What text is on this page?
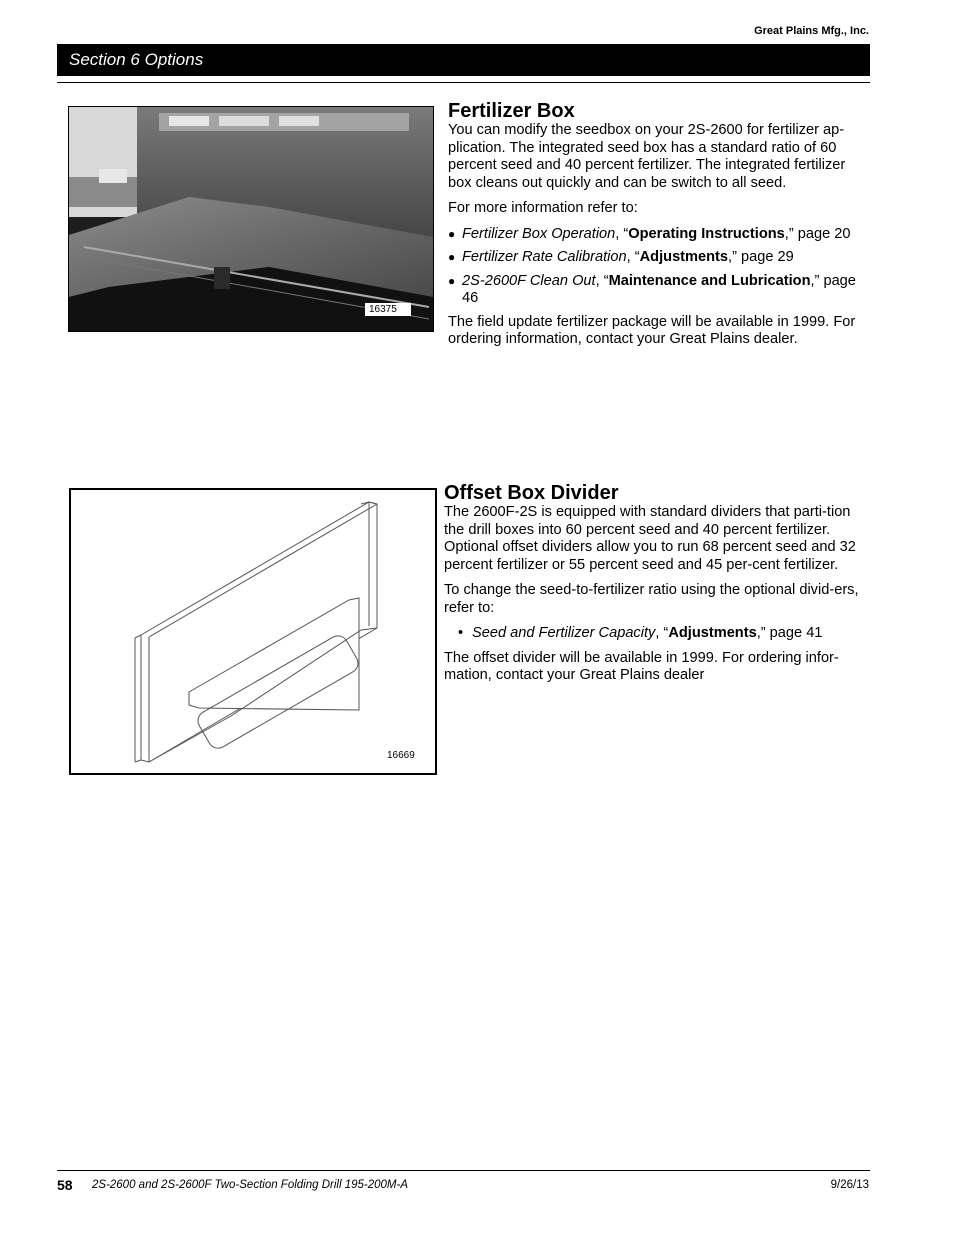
Great Plains Mfg., Inc.
Section 6 Options
16375
Fertilizer Box

You can modify the seedbox on your 2S-2600 for fertilizer ap-plication. The integrated seed box has a standard ratio of 60 percent seed and 40 percent fertilizer. The integrated fertilizer box cleans out quickly and can be switch to all seed.

For more information refer to:

● Fertilizer Box Operation, “Operating Instructions,” page 20
● Fertilizer Rate Calibration, “Adjustments,” page 29
● 2S-2600F Clean Out, “Maintenance and Lubrication,” page 46

The field update fertilizer package will be available in 1999. For ordering information, contact your Great Plains dealer.

16669
Offset Box Divider

The 2600F-2S is equipped with standard dividers that parti-tion the drill boxes into 60 percent seed and 40 percent fertilizer. Optional offset dividers allow you to run 68 percent seed and 32 percent fertilizer or 55 percent seed and 45 per-cent fertilizer.

To change the seed-to-fertilizer ratio using the optional divid-ers, refer to:

• Seed and Fertilizer Capacity, “Adjustments,” page 41

The offset divider will be available in 1999. For ordering infor-mation, contact your Great Plains dealer

58 2S-2600 and 2S-2600F Two-Section Folding Drill 195-200M-A	9/26/13
